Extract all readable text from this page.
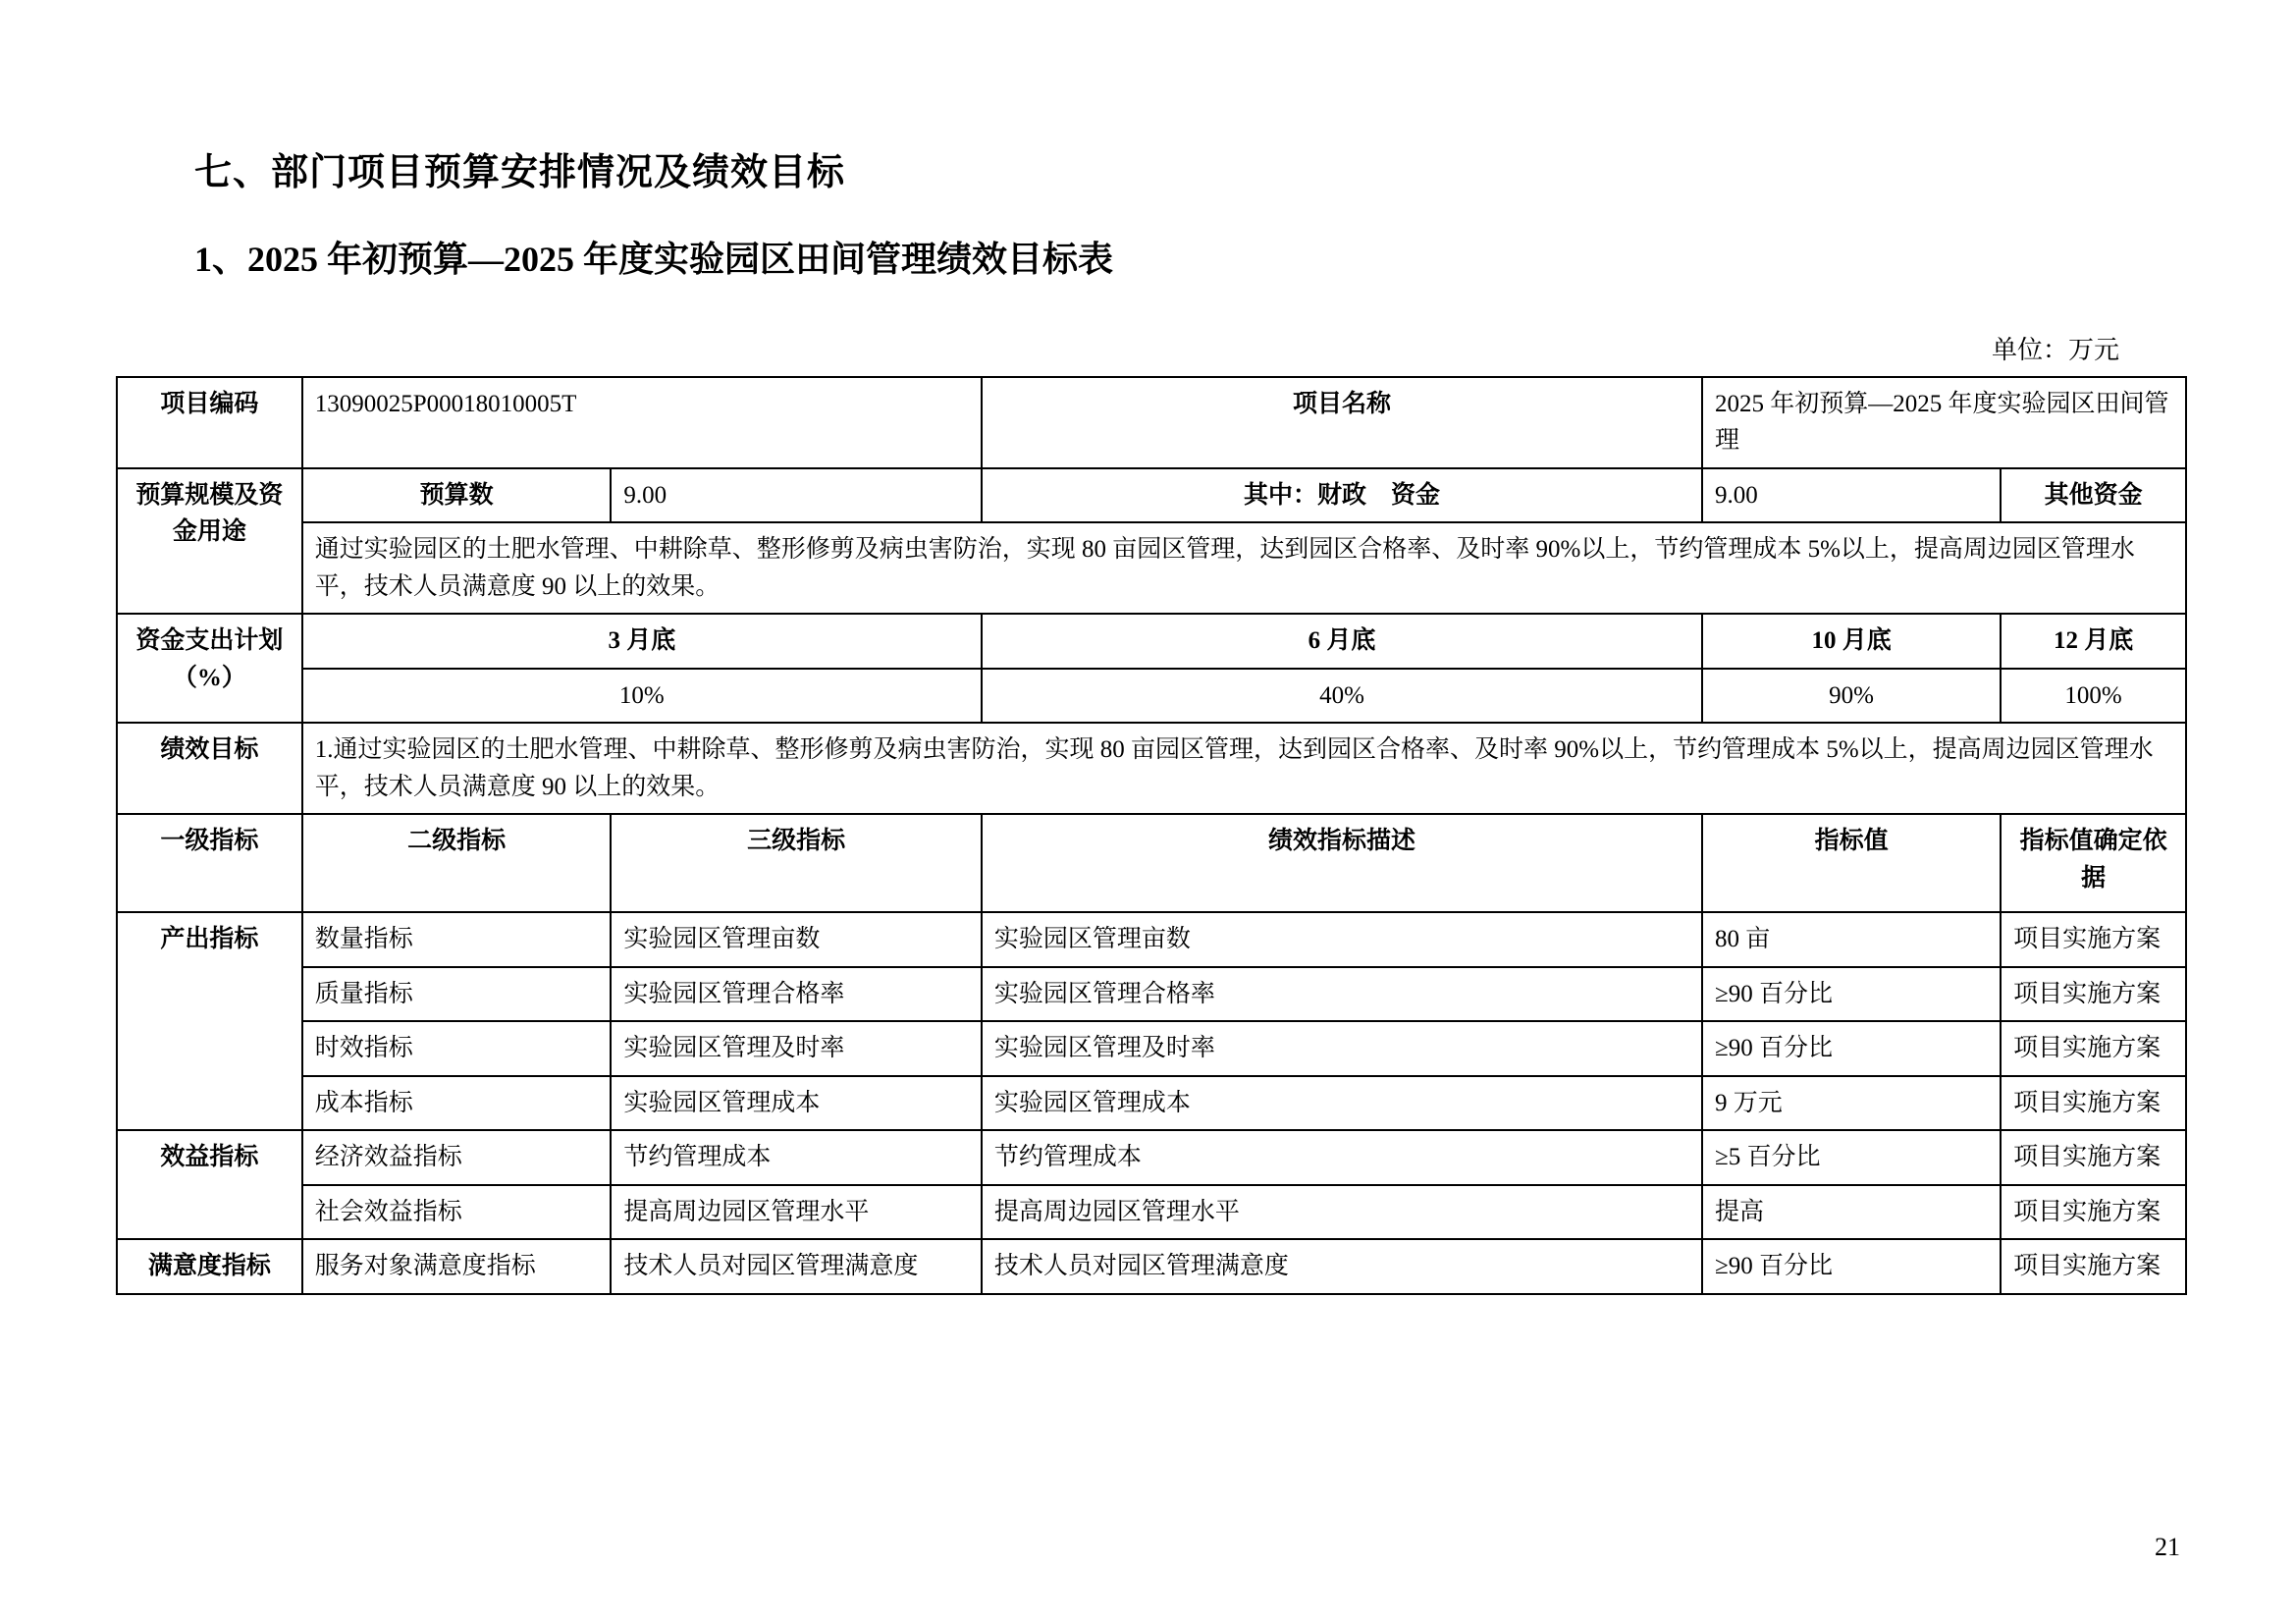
七、部门项目预算安排情况及绩效目标
1、2025 年初预算—2025 年度实验园区田间管理绩效目标表
单位：万元
项目编码	13090025P00018010005T		项目名称	2025 年初预算—2025 年度实验园区田间管理	
预算规模及资金用途	预算数	9.00	其中：财政　资金	9.00	其他资金
	通过实验园区的土肥水管理、中耕除草、整形修剪及病虫害防治，实现 80 亩园区管理，达到园区合格率、及时率 90%以上，节约管理成本 5%以上，提高周边园区管理水平，技术人员满意度 90 以上的效果。				
资金支出计划（%）	3 月底		6 月底	10 月底	12 月底
	10%		40%	90%	100%
绩效目标	1.通过实验园区的土肥水管理、中耕除草、整形修剪及病虫害防治，实现 80 亩园区管理，达到园区合格率、及时率 90%以上，节约管理成本 5%以上，提高周边园区管理水平，技术人员满意度 90 以上的效果。				
一级指标	二级指标	三级指标	绩效指标描述	指标值	指标值确定依据
产出指标	数量指标	实验园区管理亩数	实验园区管理亩数	80 亩	项目实施方案
	质量指标	实验园区管理合格率	实验园区管理合格率	≥90 百分比	项目实施方案
	时效指标	实验园区管理及时率	实验园区管理及时率	≥90 百分比	项目实施方案
	成本指标	实验园区管理成本	实验园区管理成本	9 万元	项目实施方案
效益指标	经济效益指标	节约管理成本	节约管理成本	≥5 百分比	项目实施方案
	社会效益指标	提高周边园区管理水平	提高周边园区管理水平	提高	项目实施方案
满意度指标	服务对象满意度指标	技术人员对园区管理满意度	技术人员对园区管理满意度	≥90 百分比	项目实施方案
21
